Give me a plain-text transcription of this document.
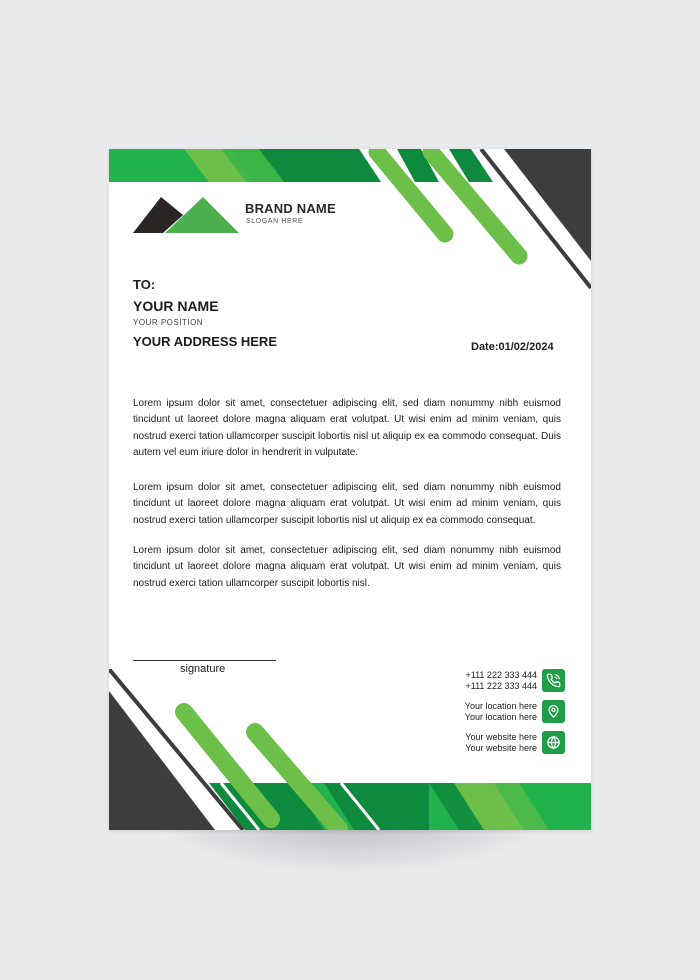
BRAND NAME
SLOGAN HERE
TO:
YOUR NAME
YOUR POSITION
YOUR ADDRESS HERE	Date:01/02/2024

Lorem ipsum dolor sit amet, consectetuer adipiscing elit, sed diam nonummy nibh euismod tincidunt ut laoreet dolore magna aliquam erat volutpat. Ut wisi enim ad minim veniam, quis nostrud exerci tation ullamcorper suscipit lobortis nisl ut aliquip ex ea commodo consequat. Duis autem vel eum iriure dolor in hendrerit in vulputate.

Lorem ipsum dolor sit amet, consectetuer adipiscing elit, sed diam nonummy nibh euismod tincidunt ut laoreet dolore magna aliquam erat volutpat. Ut wisi enim ad minim veniam, quis nostrud exerci tation ullamcorper suscipit lobortis nisl ut aliquip ex ea commodo consequat.

Lorem ipsum dolor sit amet, consectetuer adipiscing elit, sed diam nonummy nibh euismod tincidunt ut laoreet dolore magna aliquam erat volutpat. Ut wisi enim ad minim veniam, quis nostrud exerci tation ullamcorper suscipit lobortis nisl.

signature	+111 222 333 444
+111 222 333 444
Your location here
Your location here
Your website here
Your website here
